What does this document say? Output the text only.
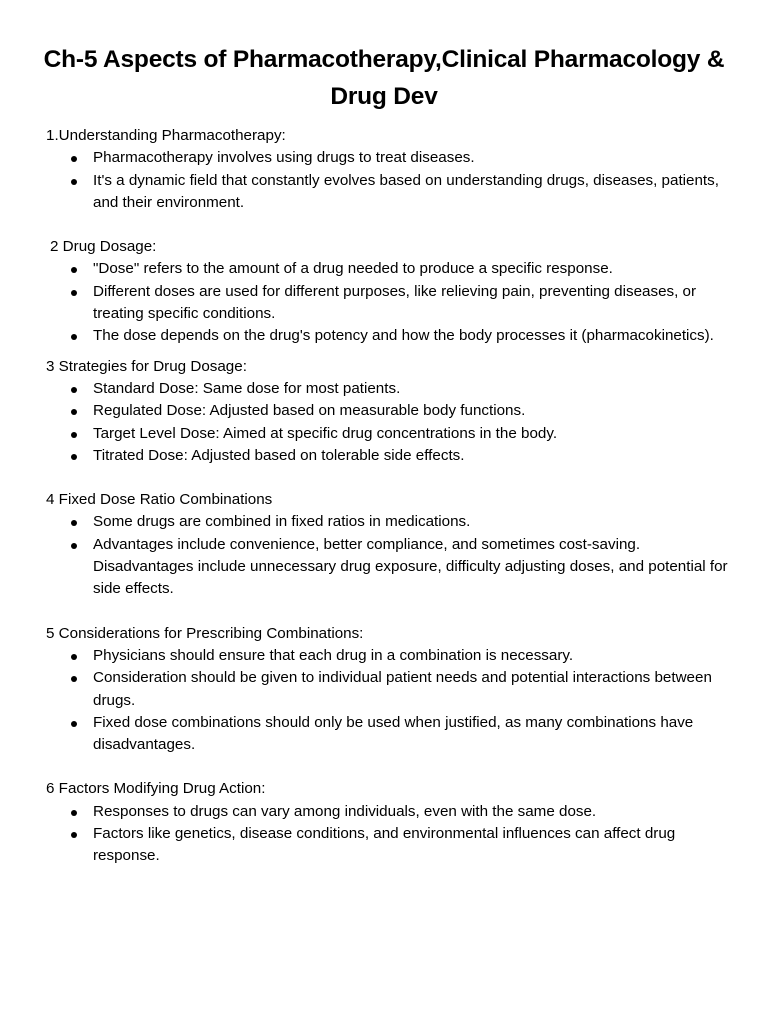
Ch-5 Aspects of Pharmacotherapy,Clinical Pharmacology & Drug Dev

1.Understanding Pharmacotherapy:

Pharmacotherapy involves using drugs to treat diseases.
It's a dynamic field that constantly evolves based on understanding drugs, diseases, patients, and their environment.

2 Drug Dosage:

"Dose" refers to the amount of a drug needed to produce a specific response.
Different doses are used for different purposes, like relieving pain, preventing diseases, or treating specific conditions.
The dose depends on the drug's potency and how the body processes it (pharmacokinetics).

3 Strategies for Drug Dosage:

Standard Dose: Same dose for most patients.
Regulated Dose: Adjusted based on measurable body functions.
Target Level Dose: Aimed at specific drug concentrations in the body.
Titrated Dose: Adjusted based on tolerable side effects.

4 Fixed Dose Ratio Combinations

Some drugs are combined in fixed ratios in medications.
Advantages include convenience, better compliance, and sometimes cost-saving. Disadvantages include unnecessary drug exposure, difficulty adjusting doses, and potential for side effects.

5 Considerations for Prescribing Combinations:

Physicians should ensure that each drug in a combination is necessary.
Consideration should be given to individual patient needs and potential interactions between drugs.
Fixed dose combinations should only be used when justified, as many combinations have disadvantages.

6 Factors Modifying Drug Action:

Responses to drugs can vary among individuals, even with the same dose.
Factors like genetics, disease conditions, and environmental influences can affect drug response.
